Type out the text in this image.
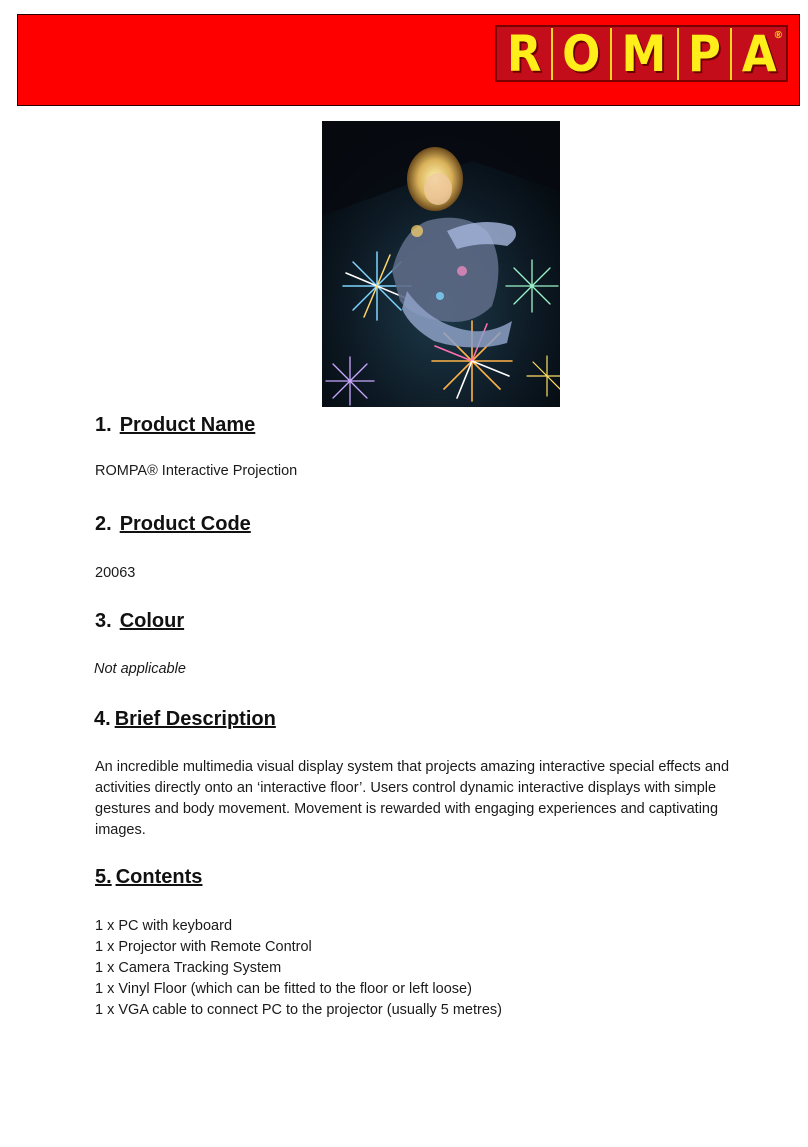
R O M P A
®
1. Product Name

ROMPA® Interactive Projection

2. Product Code

20063

3. Colour

Not applicable

4. Brief Description

An incredible multimedia visual display system that projects amazing interactive special effects and activities directly onto an ‘interactive floor’. Users control dynamic interactive displays with simple gestures and body movement. Movement is rewarded with engaging experiences and captivating images.

5. Contents
1 x PC with keyboard
1 x Projector with Remote Control
1 x Camera Tracking System
1 x Vinyl Floor (which can be fitted to the floor or left loose)
1 x VGA cable to connect PC to the projector (usually 5 metres)
